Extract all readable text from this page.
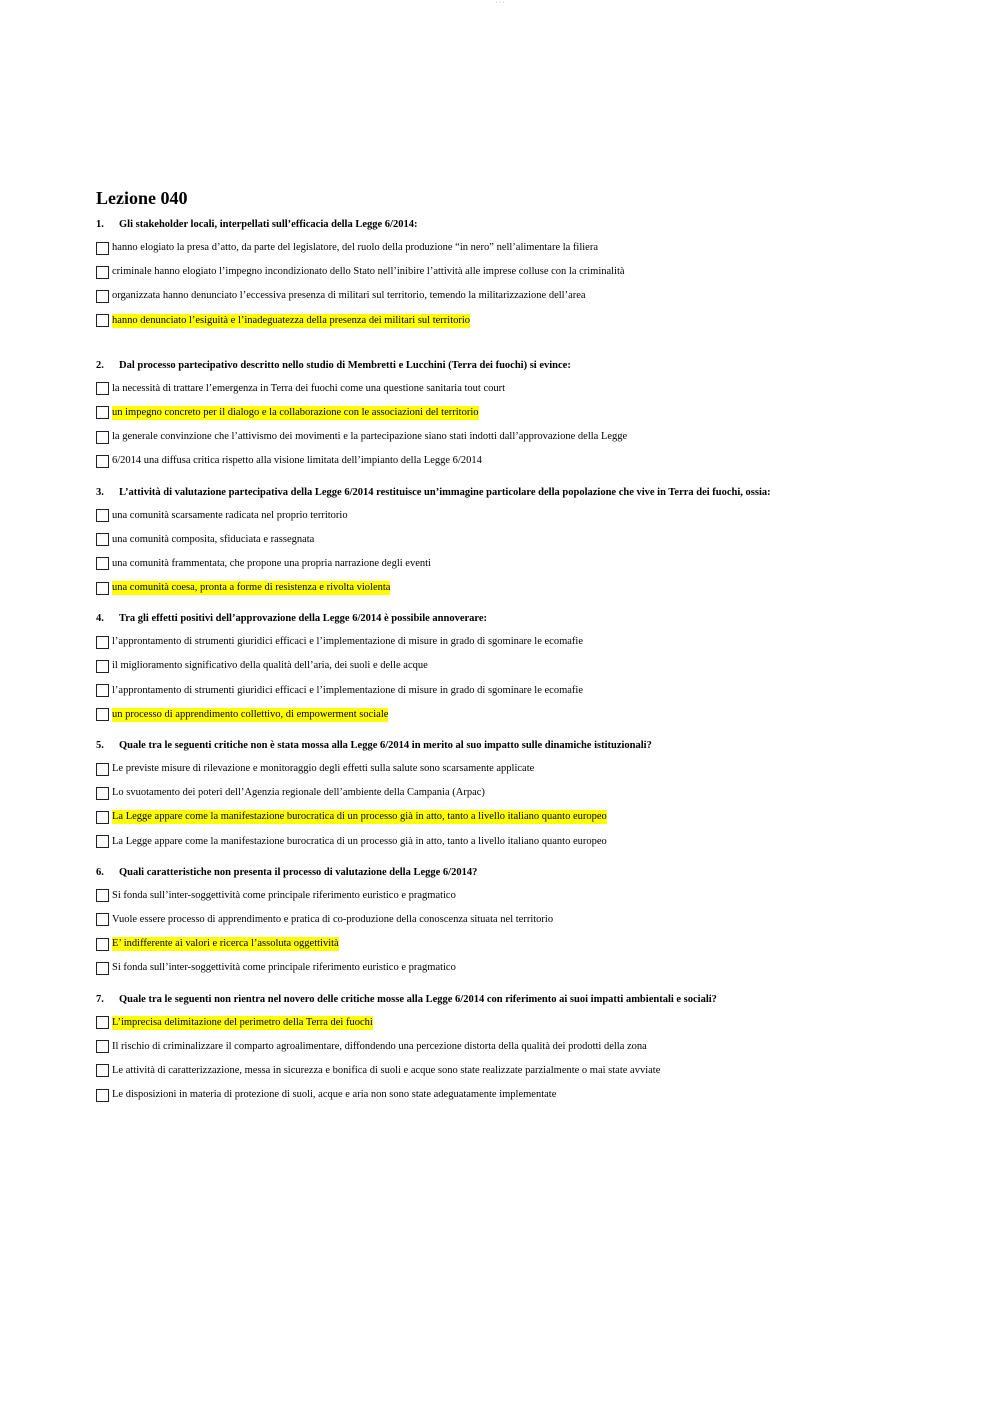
· · ·
Lezione 040
1.	Gli stakeholder locali, interpellati sull’efficacia della Legge 6/2014:
hanno elogiato la presa d’atto, da parte del legislatore, del ruolo della produzione “in nero” nell’alimentare la filiera
criminale hanno elogiato l’impegno incondizionato dello Stato nell’inibire l’attività alle imprese colluse con la criminalità
organizzata hanno denunciato l’eccessiva presenza di militari sul territorio, temendo la militarizzazione dell’area
hanno denunciato l’esiguità e l’inadeguatezza della presenza dei militari sul territorio
2.	Dal processo partecipativo descritto nello studio di Membretti e Lucchini (Terra dei fuochi) si evince:
la necessità di trattare l’emergenza in Terra dei fuochi come una questione sanitaria tout court
un impegno concreto per il dialogo e la collaborazione con le associazioni del territorio
la generale convinzione che l’attivismo dei movimenti e la partecipazione siano stati indotti dall’approvazione della Legge
6/2014 una diffusa critica rispetto alla visione limitata dell’impianto della Legge 6/2014
3.	L’attività di valutazione partecipativa della Legge 6/2014 restituisce un’immagine particolare della popolazione che vive in Terra dei fuochi, ossia:
una comunità scarsamente radicata nel proprio territorio
una comunità composita, sfiduciata e rassegnata
una comunità frammentata, che propone una propria narrazione degli eventi
una comunità coesa, pronta a forme di resistenza e rivolta violenta
4.	Tra gli effetti positivi dell’approvazione della Legge 6/2014 è possibile annoverare:
l’approntamento di strumenti giuridici efficaci e l’implementazione di misure in grado di sgominare le ecomafie
il miglioramento significativo della qualità dell’aria, dei suoli e delle acque
l’approntamento di strumenti giuridici efficaci e l’implementazione di misure in grado di sgominare le ecomafie
un processo di apprendimento collettivo, di empowerment sociale
5.	Quale tra le seguenti critiche non è stata mossa alla Legge 6/2014 in merito al suo impatto sulle dinamiche istituzionali?
Le previste misure di rilevazione e monitoraggio degli effetti sulla salute sono scarsamente applicate
Lo svuotamento dei poteri dell’Agenzia regionale dell’ambiente della Campania (Arpac)
La Legge appare come la manifestazione burocratica di un processo già in atto, tanto a livello italiano quanto europeo
La Legge appare come la manifestazione burocratica di un processo già in atto, tanto a livello italiano quanto europeo
6.	Quali caratteristiche non presenta il processo di valutazione della Legge 6/2014?
Si fonda sull’inter-soggettività come principale riferimento euristico e pragmatico
Vuole essere processo di apprendimento e pratica di co-produzione della conoscenza situata nel territorio
E’ indifferente ai valori e ricerca l’assoluta oggettività
Si fonda sull’inter-soggettività come principale riferimento euristico e pragmatico
7.	Quale tra le seguenti non rientra nel novero delle critiche mosse alla Legge 6/2014 con riferimento ai suoi impatti ambientali e sociali?
L’imprecisa delimitazione del perimetro della Terra dei fuochi
Il rischio di criminalizzare il comparto agroalimentare, diffondendo una percezione distorta della qualità dei prodotti della zona
Le attività di caratterizzazione, messa in sicurezza e bonifica di suoli e acque sono state realizzate parzialmente o mai state avviate
Le disposizioni in materia di protezione di suoli, acque e aria non sono state adeguatamente implementate
